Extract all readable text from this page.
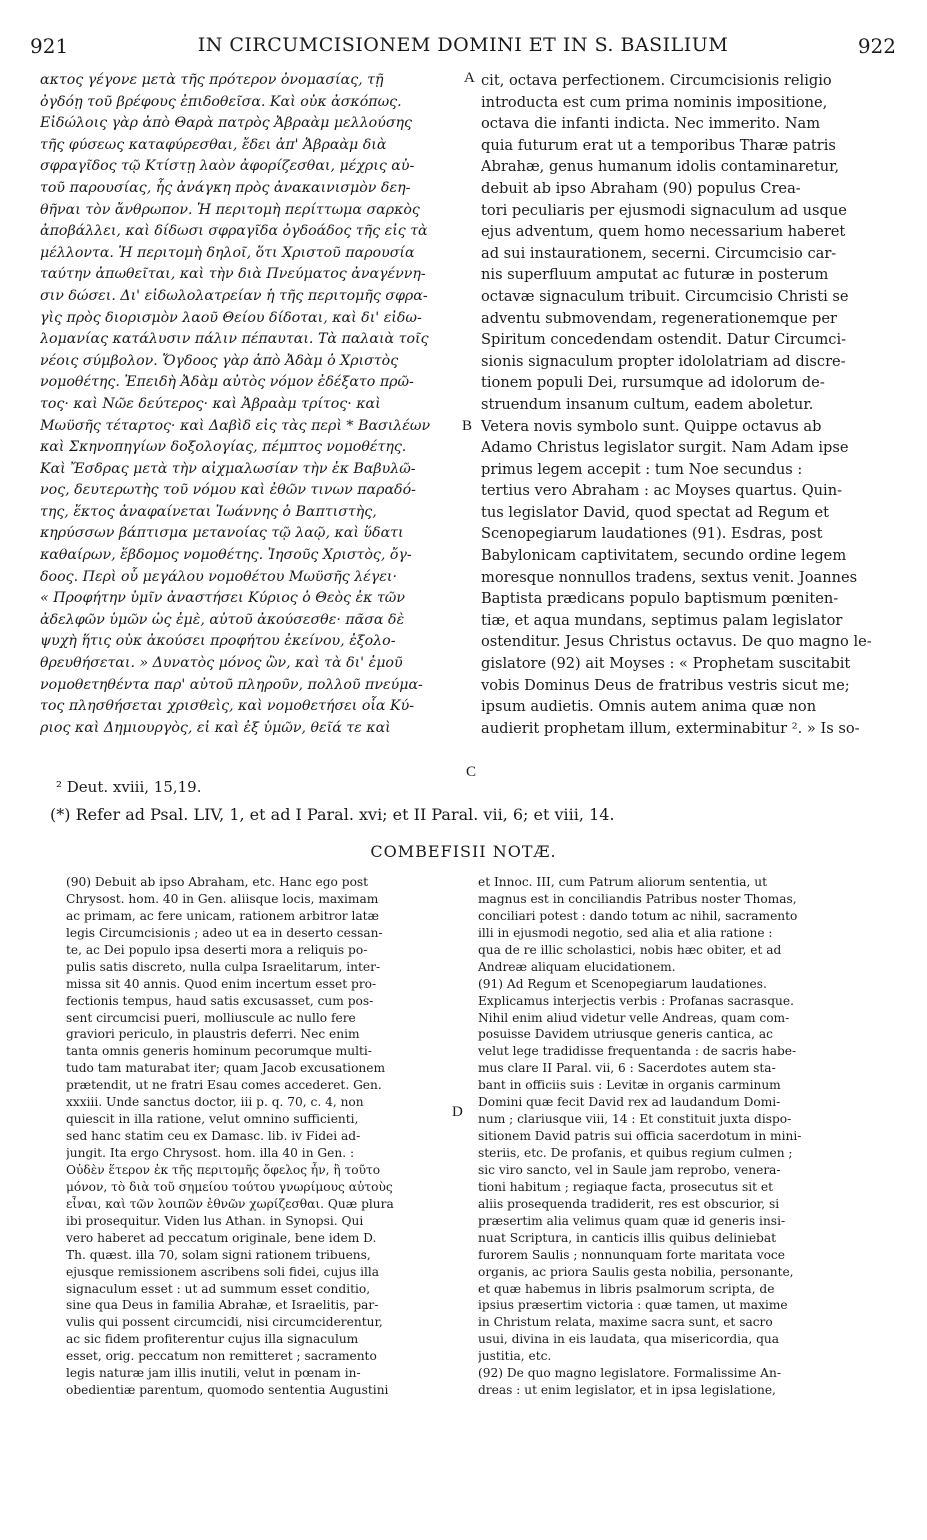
921	IN CIRCUMCISIONEM DOMINI ET IN S. BASILIUM	922
ακτος γέγονε μετὰ τῆς πρότερον ὀνομασίας, τῇ
ὀγδόῃ τοῦ βρέφους ἐπιδοθεῖσα. Καὶ οὐκ ἀσκόπως.
Εἰδώλοις γὰρ ἀπὸ Θαρὰ πατρὸς Ἀβραὰμ μελλούσης
τῆς φύσεως καταφύρεσθαι, ἔδει ἀπ' Ἀβραὰμ διὰ
σφραγῖδος τῷ Κτίστῃ λαὸν ἀφορίζεσθαι, μέχρις αὐ-
τοῦ παρουσίας, ἧς ἀνάγκη πρὸς ἀνακαινισμὸν δεη-
θῆναι τὸν ἄνθρωπον. Ἡ περιτομὴ περίττωμα σαρκὸς
ἀποβάλλει, καὶ δίδωσι σφραγῖδα ὀγδοάδος τῆς εἰς τὰ
μέλλοντα. Ἡ περιτομὴ δηλοῖ, ὅτι Χριστοῦ παρουσία
ταύτην ἀπωθεῖται, καὶ τὴν διὰ Πνεύματος ἀναγέννη-
σιν δώσει. Δι' εἰδωλολατρείαν ἡ τῆς περιτομῆς σφρα-
γὶς πρὸς διορισμὸν λαοῦ Θείου δίδοται, καὶ δι' εἰδω-
λομανίας κατάλυσιν πάλιν πέπαυται. Τὰ παλαιὰ τοῖς
νέοις σύμβολον. Ὄγδοος γὰρ ἀπὸ Ἀδὰμ ὁ Χριστὸς
νομοθέτης. Ἐπειδὴ Ἀδὰμ αὐτὸς νόμον ἐδέξατο πρῶ-
τος· καὶ Νῶε δεύτερος· καὶ Ἀβραὰμ τρίτος· καὶ
Μωϋσῆς τέταρτος· καὶ Δαβὶδ εἰς τὰς περὶ * Βασιλέων
καὶ Σκηνοπηγίων δοξολογίας, πέμπτος νομοθέτης.
Καὶ Ἔσδρας μετὰ τὴν αἰχμαλωσίαν τὴν ἐκ Βαβυλῶ-
νος, δευτερωτὴς τοῦ νόμου καὶ ἐθῶν τινων παραδό-
της, ἕκτος ἀναφαίνεται Ἰωάννης ὁ Βαπτιστὴς,
κηρύσσων βάπτισμα μετανοίας τῷ λαῷ, καὶ ὕδατι
καθαίρων, ἕβδομος νομοθέτης. Ἰησοῦς Χριστὸς, ὄγ-
δοος. Περὶ οὗ μεγάλου νομοθέτου Μωϋσῆς λέγει·
« Προφήτην ὑμῖν ἀναστήσει Κύριος ὁ Θεὸς ἐκ τῶν
ἀδελφῶν ὑμῶν ὡς ἐμὲ, αὐτοῦ ἀκούσεσθε· πᾶσα δὲ
ψυχὴ ἥτις οὐκ ἀκούσει προφήτου ἐκείνου, ἐξολο-
θρευθήσεται. » Δυνατὸς μόνος ὢν, καὶ τὰ δι' ἐμοῦ
νομοθετηθέντα παρ' αὐτοῦ πληροῦν, πολλοῦ πνεύμα-
τος πλησθήσεται χρισθεὶς, καὶ νομοθετήσει οἷα Κύ-
ριος καὶ Δημιουργὸς, εἰ καὶ ἐξ ὑμῶν, θεῖά τε καὶ
cit, octava perfectionem. Circumcisionis religio
introducta est cum prima nominis impositione,
octava die infanti indicta. Nec immerito. Nam
quia futurum erat ut a temporibus Tharæ patris
Abrahæ, genus humanum idolis contaminaretur,
debuit ab ipso Abraham (90) populus Crea-
tori peculiaris per ejusmodi signaculum ad usque
ejus adventum, quem homo necessarium haberet
ad sui instaurationem, secerni. Circumcisio car-
nis superfluum amputat ac futuræ in posterum
octavæ signaculum tribuit. Circumcisio Christi se
adventu submovendam, regenerationemque per
Spiritum concedendam ostendit. Datur Circumci-
sionis signaculum propter idololatriam ad discre-
tionem populi Dei, rursumque ad idolorum de-
struendum insanum cultum, eadem aboletur.
Vetera novis symbolo sunt. Quippe octavus ab
Adamo Christus legislator surgit. Nam Adam ipse
primus legem accepit : tum Noe secundus :
tertius vero Abraham : ac Moyses quartus. Quin-
tus legislator David, quod spectat ad Regum et
Scenopegiarum laudationes (91). Esdras, post
Babylonicam captivitatem, secundo ordine legem
moresque nonnullos tradens, sextus venit. Joannes
Baptista prædicans populo baptismum pœniten-
tiæ, et aqua mundans, septimus palam legislator
ostenditur. Jesus Christus octavus. De quo magno le-
gislatore (92) ait Moyses : « Prophetam suscitabit
vobis Dominus Deus de fratribus vestris sicut me;
ipsum audietis. Omnis autem anima quæ non
audierit prophetam illum, exterminabitur ². » Is so-
A
B
C
D
² Deut. xviii, 15,19.
(*) Refer ad Psal. LIV, 1, et ad I Paral. xvi; et II Paral. vii, 6; et viii, 14.
COMBEFISII NOTÆ.
(90) Debuit ab ipso Abraham, etc. Hanc ego post
Chrysost. hom. 40 in Gen. aliisque locis, maximam
ac primam, ac fere unicam, rationem arbitror latæ
legis Circumcisionis ; adeo ut ea in deserto cessan-
te, ac Dei populo ipsa deserti mora a reliquis po-
pulis satis discreto, nulla culpa Israelitarum, inter-
missa sit 40 annis. Quod enim incertum esset pro-
fectionis tempus, haud satis excusasset, cum pos-
sent circumcisi pueri, molliuscule ac nullo fere
graviori periculo, in plaustris deferri. Nec enim
tanta omnis generis hominum pecorumque multi-
tudo tam maturabat iter; quam Jacob excusationem
prætendit, ut ne fratri Esau comes accederet. Gen.
xxxiii. Unde sanctus doctor, iii p. q. 70, c. 4, non
quiescit in illa ratione, velut omnino sufficienti,
sed hanc statim ceu ex Damasc. lib. iv Fidei ad-
jungit. Ita ergo Chrysost. hom. illa 40 in Gen. :
Οὐδὲν ἕτερον ἐκ τῆς περιτομῆς ὄφελος ἦν, ἢ τοῦτο
μόνον, τὸ διὰ τοῦ σημείου τούτου γνωρίμους αὐτοὺς
εἶναι, καὶ τῶν λοιπῶν ἐθνῶν χωρίζεσθαι. Quæ plura
ibi prosequitur. Viden lus Athan. in Synopsi. Qui
vero haberet ad peccatum originale, bene idem D.
Th. quæst. illa 70, solam signi rationem tribuens,
ejusque remissionem ascribens soli fidei, cujus illa
signaculum esset : ut ad summum esset conditio,
sine qua Deus in familia Abrahæ, et Israelitis, par-
vulis qui possent circumcidi, nisi circumciderentur,
ac sic fidem profiterentur cujus illa signaculum
esset, orig. peccatum non remitteret ; sacramento
legis naturæ jam illis inutili, velut in pœnam in-
obedientiæ parentum, quomodo sententia Augustini
et Innoc. III, cum Patrum aliorum sententia, ut
magnus est in conciliandis Patribus noster Thomas,
conciliari potest : dando totum ac nihil, sacramento
illi in ejusmodi negotio, sed alia et alia ratione :
qua de re illic scholastici, nobis hæc obiter, et ad
Andreæ aliquam elucidationem.
(91) Ad Regum et Scenopegiarum laudationes.
Explicamus interjectis verbis : Profanas sacrasque.
Nihil enim aliud videtur velle Andreas, quam com-
posuisse Davidem utriusque generis cantica, ac
velut lege tradidisse frequentanda : de sacris habe-
mus clare II Paral. vii, 6 : Sacerdotes autem sta-
bant in officiis suis : Levitæ in organis carminum
Domini quæ fecit David rex ad laudandum Domi-
num ; clariusque viii, 14 : Et constituit juxta dispo-
sitionem David patris sui officia sacerdotum in mini-
steriis, etc. De profanis, et quibus regium culmen ;
sic viro sancto, vel in Saule jam reprobo, venera-
tioni habitum ; regiaque facta, prosecutus sit et
aliis prosequenda tradiderit, res est obscurior, si
præsertim alia velimus quam quæ id generis insi-
nuat Scriptura, in canticis illis quibus deliniebat
furorem Saulis ; nonnunquam forte maritata voce
organis, ac priora Saulis gesta nobilia, personante,
et quæ habemus in libris psalmorum scripta, de
ipsius præsertim victoria : quæ tamen, ut maxime
in Christum relata, maxime sacra sunt, et sacro
usui, divina in eis laudata, qua misericordia, qua
justitia, etc.
(92) De quo magno legislatore. Formalissime An-
dreas : ut enim legislator, et in ipsa legislatione,
